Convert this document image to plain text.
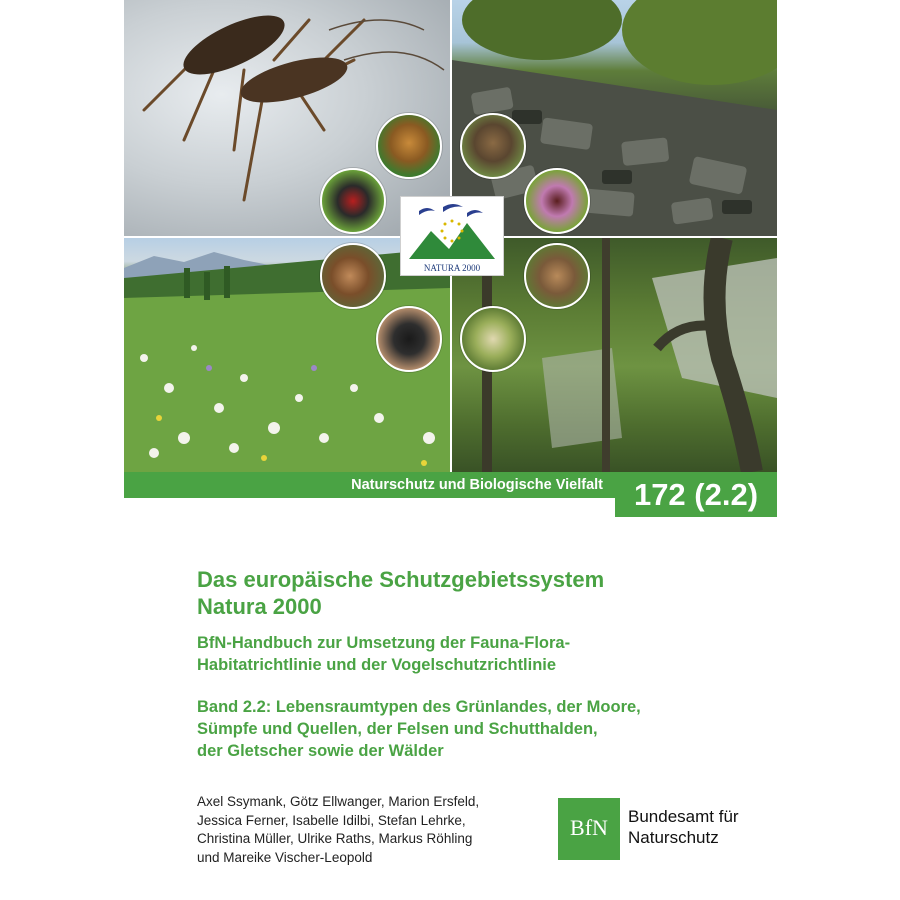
NATURA 2000
Naturschutz und Biologische Vielfalt 172 (2.2)
Das europäische Schutzgebietssystem
Natura 2000
BfN-Handbuch zur Umsetzung der Fauna-Flora-
Habitatrichtlinie und der Vogelschutzrichtlinie
Band 2.2: Lebensraumtypen des Grünlandes, der Moore,
Sümpfe und Quellen, der Felsen und Schutthalden,
der Gletscher sowie der Wälder
Axel Ssymank, Götz Ellwanger, Marion Ersfeld,
Jessica Ferner, Isabelle Idilbi, Stefan Lehrke,
Christina Müller, Ulrike Raths, Markus Röhling
und Mareike Vischer-Leopold
BfN	Bundesamt für
Naturschutz
